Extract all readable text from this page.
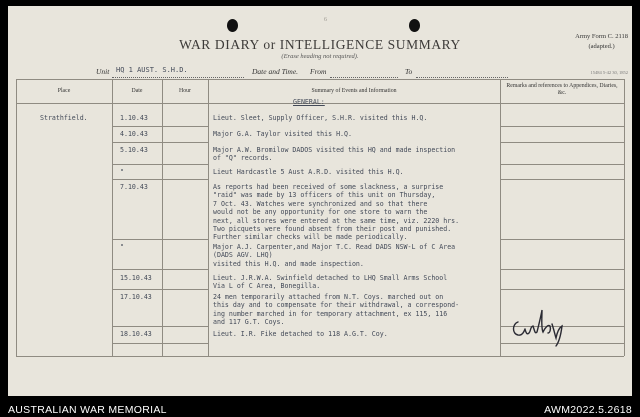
6
WAR DIARY or INTELLIGENCE SUMMARY
(Erase heading not required).
Army Form C. 2118
(adapted.)
15484 5-42 30, 1852
Unit HQ 1 AUST. S.H.D.	Date and Time. From	To
Place	Date	Hour	Summary of Events and Information
Remarks and references to Appendices, Diaries, &c.
GENERAL:
Strathfield.	1.10.43	Lieut. Sleet, Supply Officer, S.H.R. visited this H.Q.
4.10.43	Major G.A. Taylor visited this H.Q.
5.10.43	Major A.W. Bromilow DADOS visited this HQ and made inspection
of "Q" records.
"	Lieut Hardcastle 5 Aust A.R.D. visited this H.Q.
7.10.43	As reports had been received of some slackness, a surprise
"raid" was made by 13 officers of this unit on Thursday,
7 Oct. 43. Watches were synchronized and so that there
would not be any opportunity for one store to warn the
next, all stores were entered at the same time, viz. 2220 hrs.
Two picquets were found absent from their post and punished.
Further similar checks will be made periodically.
"	Major A.J. Carpenter,and Major T.C. Read DADS NSW-L of C Area
(DADS AGV. LHQ)
visited this H.Q. and made inspection.
15.10.43	Lieut. J.R.W.A. Swinfield detached to LHQ Small Arms School
Via L of C Area, Bonegilla.
17.10.43	24 men temporarily attached from N.T. Coys. marched out on
this day and to compensate for their withdrawal, a correspond-
ing number marched in for temporary attachment, ex 115, 116
and 117 G.T. Coys.
18.10.43	Lieut. I.R. Fike detached to 118 A.G.T. Coy.
AUSTRALIAN WAR MEMORIAL	AWM2022.5.2618
